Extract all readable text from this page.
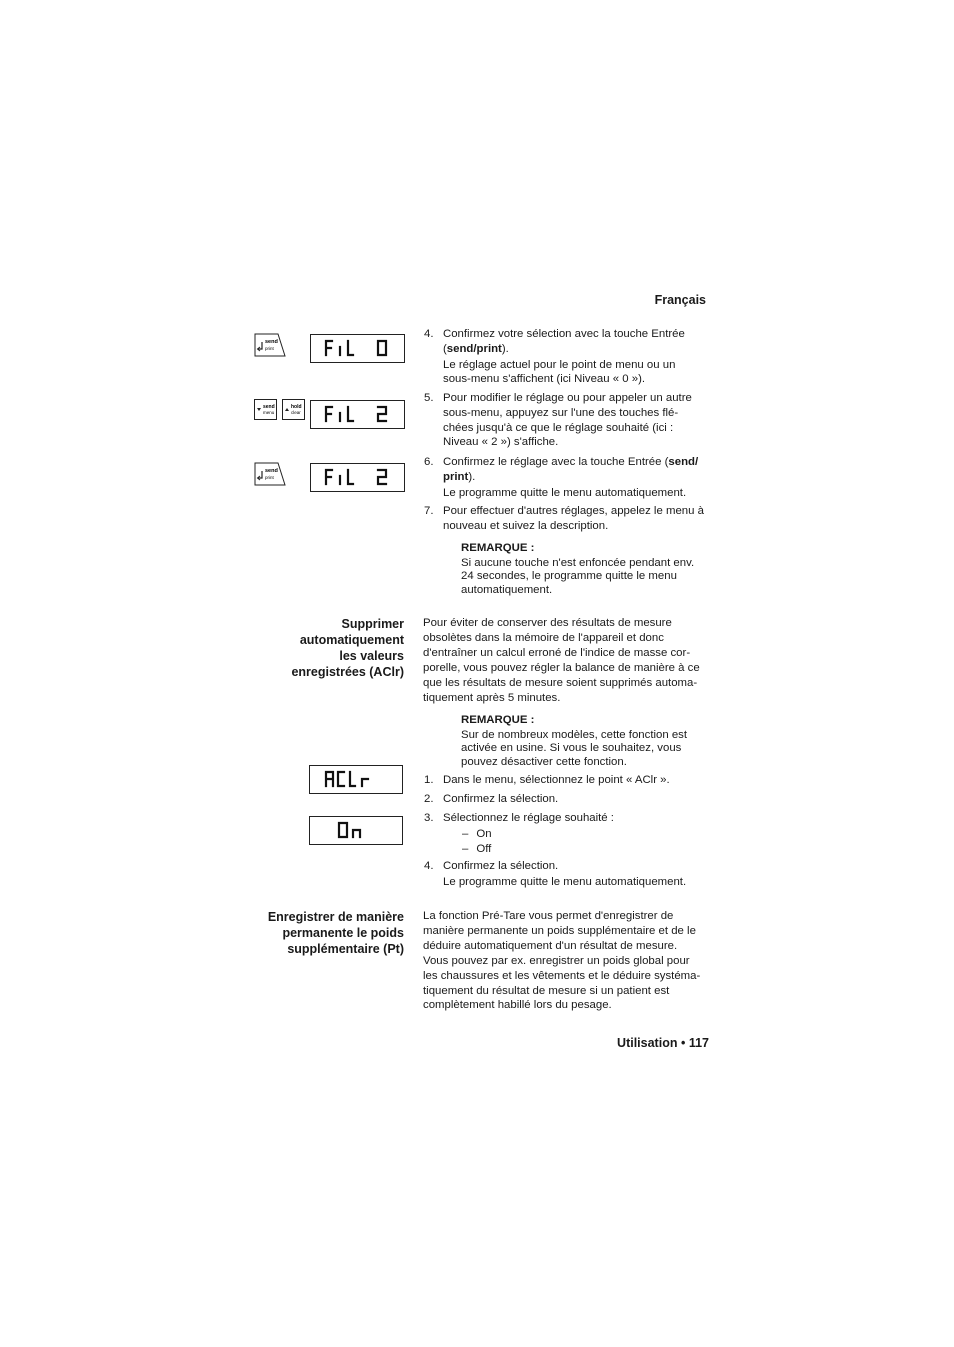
Français
send
print
send
menu
hold
clear
send
print
4. Confirmez votre sélection avec la touche Entrée
(send/print).
Le réglage actuel pour le point de menu ou un
sous-menu s'affichent (ici Niveau « 0 »).
5. Pour modifier le réglage ou pour appeler un autre
sous-menu, appuyez sur l'une des touches flé-
chées jusqu'à ce que le réglage souhaité (ici :
Niveau « 2 ») s'affiche.
6. Confirmez le réglage avec la touche Entrée (send/
print).
Le programme quitte le menu automatiquement.
7. Pour effectuer d'autres réglages, appelez le menu à
nouveau et suivez la description.
REMARQUE :
Si aucune touche n'est enfoncée pendant env.
24 secondes, le programme quitte le menu
automatiquement.
Supprimer
automatiquement
les valeurs
enregistrées (AClr)
Pour éviter de conserver des résultats de mesure
obsolètes dans la mémoire de l'appareil et donc
d'entraîner un calcul erroné de l'indice de masse cor-
porelle, vous pouvez régler la balance de manière à ce
que les résultats de mesure soient supprimés automa-
tiquement après 5 minutes.
REMARQUE :
Sur de nombreux modèles, cette fonction est
activée en usine. Si vous le souhaitez, vous
pouvez désactiver cette fonction.
1. Dans le menu, sélectionnez le point « AClr ».
2. Confirmez la sélection.
3. Sélectionnez le réglage souhaité :
– On
– Off
4. Confirmez la sélection.
Le programme quitte le menu automatiquement.
Enregistrer de manière
permanente le poids
supplémentaire (Pt)
La fonction Pré-Tare vous permet d'enregistrer de
manière permanente un poids supplémentaire et de le
déduire automatiquement d'un résultat de mesure.
Vous pouvez par ex. enregistrer un poids global pour
les chaussures et les vêtements et le déduire systéma-
tiquement du résultat de mesure si un patient est
complètement habillé lors du pesage.
Utilisation • 117
